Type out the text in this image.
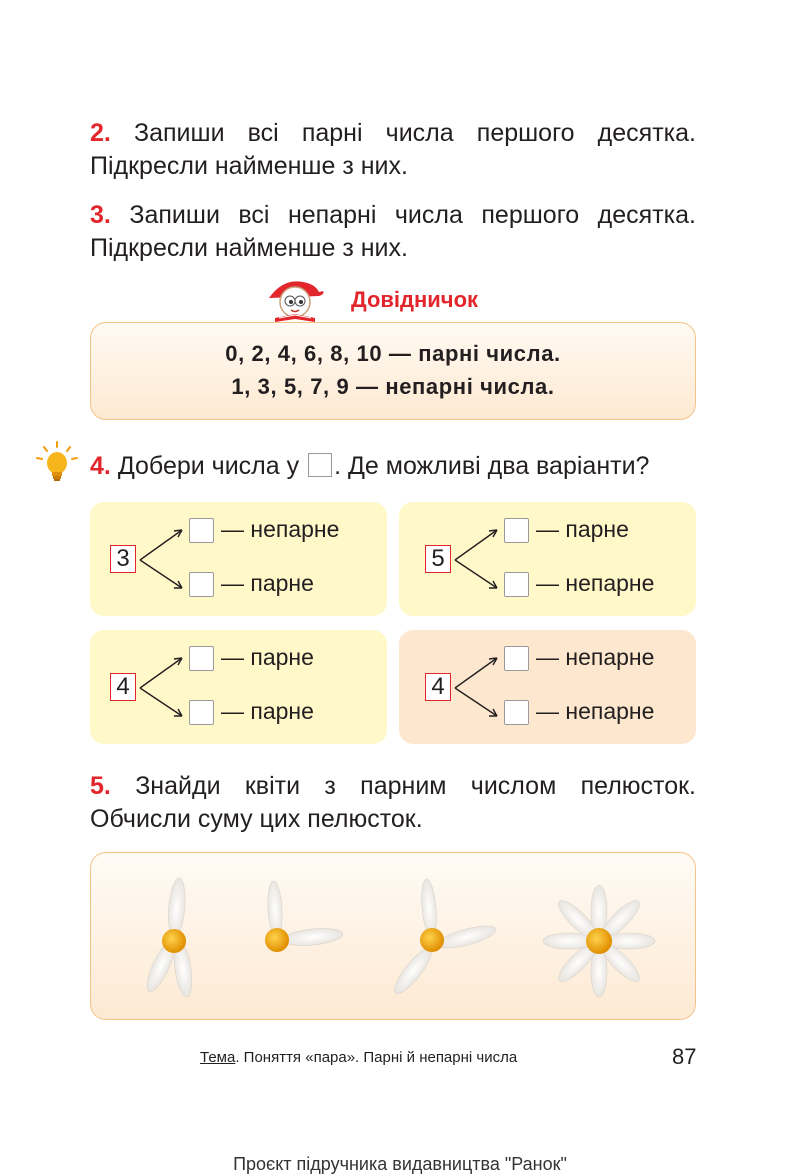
2. Запиши всі парні числа першого десятка. Підкресли найменше з них.
3. Запиши всі непарні числа першого десятка. Підкресли найменше з них.
Довідничок
0, 2, 4, 6, 8, 10 — парні числа.
1, 3, 5, 7, 9 — непарні числа.
4. Добери числа у . Де можливі два варіанти?
3
— непарне
— парне
5
— парне
— непарне
4
— парне
— парне
4
— непарне
— непарне
5. Знайди квіти з парним числом пелюсток. Обчисли суму цих пелюсток.
Тема. Поняття «пара». Парні й непарні числа	87
Проєкт підручника видавництва "Ранок"
